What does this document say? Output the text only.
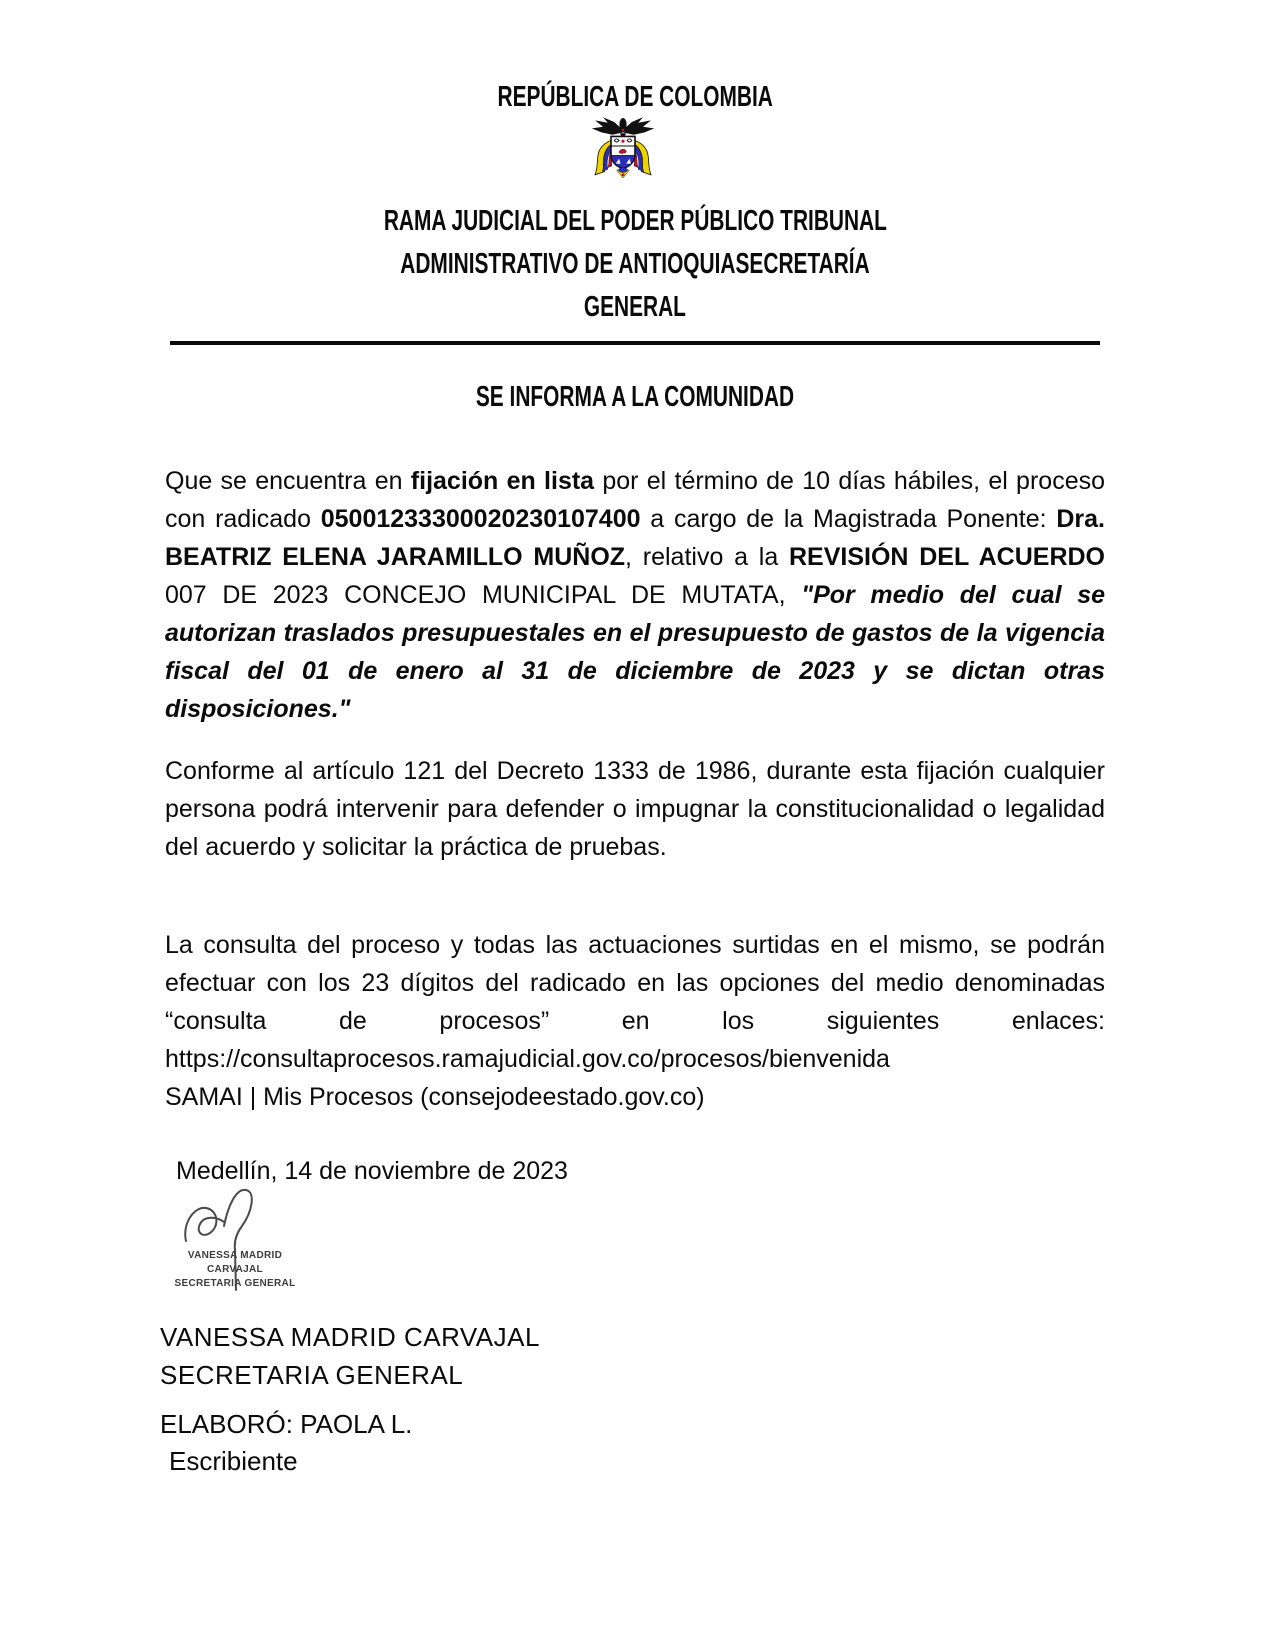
REPÚBLICA DE COLOMBIA
RAMA JUDICIAL DEL PODER PÚBLICO TRIBUNAL
ADMINISTRATIVO DE ANTIOQUIASECRETARÍA
GENERAL
SE INFORMA A LA COMUNIDAD

Que se encuentra en fijación en lista por el término de 10 días hábiles, el proceso con radicado 05001233300020230107400 a cargo de la Magistrada Ponente: Dra. BEATRIZ ELENA JARAMILLO MUÑOZ, relativo a la REVISIÓN DEL ACUERDO 007 DE 2023 CONCEJO MUNICIPAL DE MUTATA, "Por medio del cual se autorizan traslados presupuestales en el presupuesto de gastos de la vigencia fiscal del 01 de enero al 31 de diciembre de 2023 y se dictan otras disposiciones."

Conforme al artículo 121 del Decreto 1333 de 1986, durante esta fijación cualquier persona podrá intervenir para defender o impugnar la constitucionalidad o legalidad del acuerdo y solicitar la práctica de pruebas.

La consulta del proceso y todas las actuaciones surtidas en el mismo, se podrán efectuar con los 23 dígitos del radicado en las opciones del medio denominadas “consulta de procesos” en los siguientes enlaces:
https://consultaprocesos.ramajudicial.gov.co/procesos/bienvenida
SAMAI | Mis Procesos (consejodeestado.gov.co)
Medellín, 14 de noviembre de 2023
VANESSA MADRID CARVAJAL
SECRETARIA GENERAL
VANESSA MADRID CARVAJAL
SECRETARIA GENERAL
ELABORÓ: PAOLA L.
Escribiente
